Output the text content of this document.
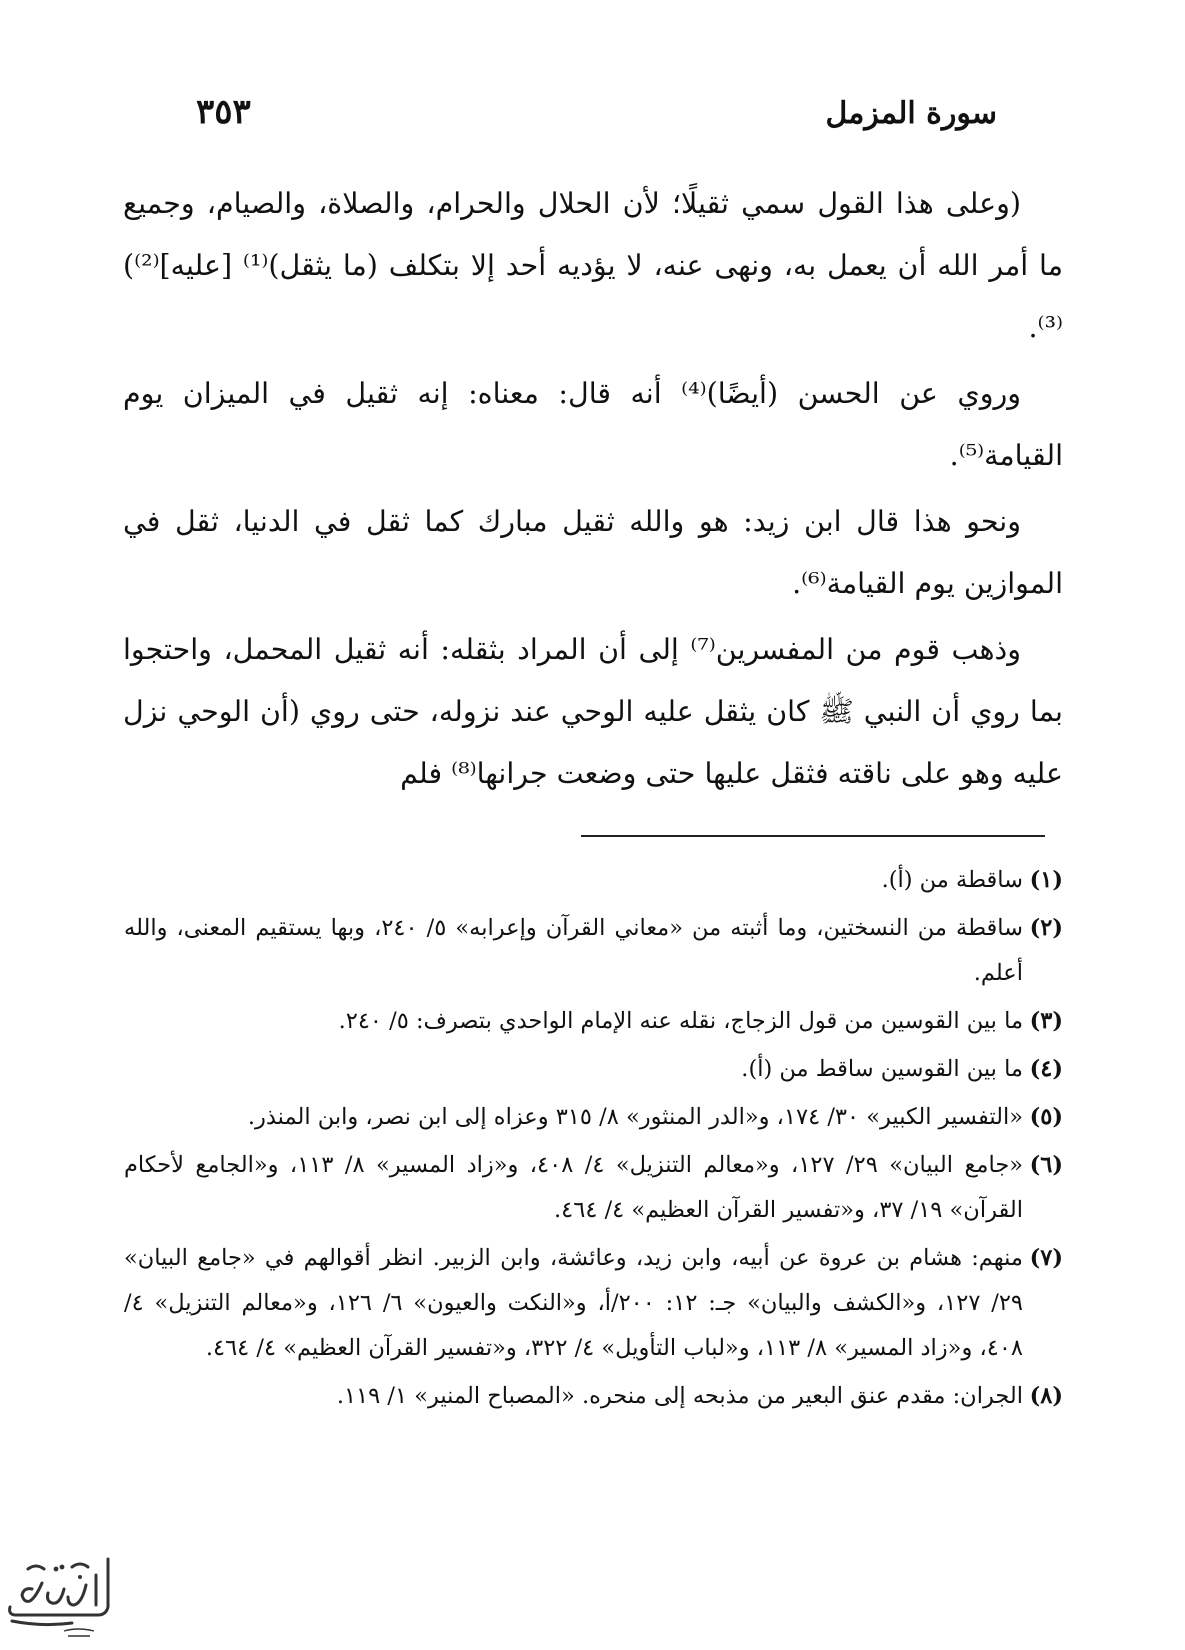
سورة المزمل
٣٥٣

(وعلى هذا القول سمي ثقيلًا؛ لأن الحلال والحرام، والصلاة، والصيام، وجميع ما أمر الله أن يعمل به، ونهى عنه، لا يؤديه أحد إلا بتكلف (ما يثقل)⁽¹⁾ [عليه]⁽²⁾)⁽³⁾.

وروي عن الحسن (أيضًا)⁽⁴⁾ أنه قال: معناه: إنه ثقيل في الميزان يوم القيامة⁽⁵⁾.

ونحو هذا قال ابن زيد: هو والله ثقيل مبارك كما ثقل في الدنيا، ثقل في الموازين يوم القيامة⁽⁶⁾.

وذهب قوم من المفسرين⁽⁷⁾ إلى أن المراد بثقله: أنه ثقيل المحمل، واحتجوا بما روي أن النبي ﷺ كان يثقل عليه الوحي عند نزوله، حتى روي (أن الوحي نزل عليه وهو على ناقته فثقل عليها حتى وضعت جرانها⁽⁸⁾ فلم

(١)
ساقطة من (أ).
(٢)
ساقطة من النسختين، وما أثبته من «معاني القرآن وإعرابه» ٥/ ٢٤٠، وبها يستقيم المعنى، والله أعلم.
(٣)
ما بين القوسين من قول الزجاج، نقله عنه الإمام الواحدي بتصرف: ٥/ ٢٤٠.
(٤)
ما بين القوسين ساقط من (أ).
(٥)
«التفسير الكبير» ٣٠/ ١٧٤، و«الدر المنثور» ٨/ ٣١٥ وعزاه إلى ابن نصر، وابن المنذر.
(٦)
«جامع البيان» ٢٩/ ١٢٧، و«معالم التنزيل» ٤/ ٤٠٨، و«زاد المسير» ٨/ ١١٣، و«الجامع لأحكام القرآن» ١٩/ ٣٧، و«تفسير القرآن العظيم» ٤/ ٤٦٤.
(٧)
منهم: هشام بن عروة عن أبيه، وابن زيد، وعائشة، وابن الزبير. انظر أقوالهم في «جامع البيان» ٢٩/ ١٢٧، و«الكشف والبيان» جـ: ١٢: ٢٠٠/أ، و«النكت والعيون» ٦/ ١٢٦، و«معالم التنزيل» ٤/ ٤٠٨، و«زاد المسير» ٨/ ١١٣، و«لباب التأويل» ٤/ ٣٢٢، و«تفسير القرآن العظيم» ٤/ ٤٦٤.
(٨)
الجران: مقدم عنق البعير من مذبحه إلى منحره. «المصباح المنير» ١/ ١١٩.
